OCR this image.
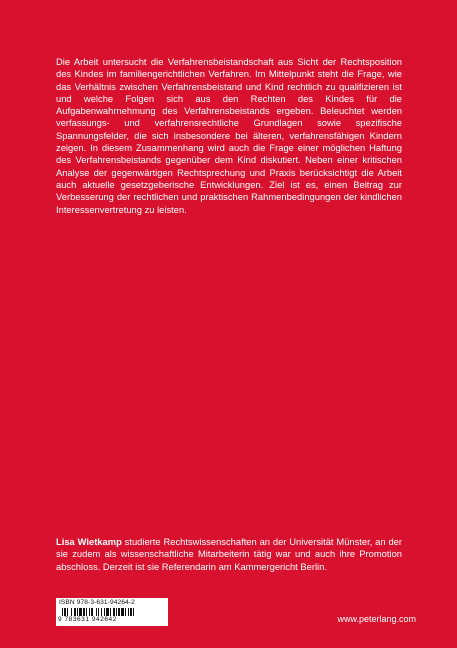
Die Arbeit untersucht die Verfahrensbeistandschaft aus Sicht der Rechtsposition des Kindes im familiengerichtlichen Verfahren. Im Mittelpunkt steht die Frage, wie das Verhältnis zwischen Verfahrensbeistand und Kind rechtlich zu qualifizieren ist und welche Folgen sich aus den Rechten des Kindes für die Aufgabenwahrnehmung des Verfahrensbeistands ergeben. Beleuchtet werden verfassungs- und verfahrensrechtliche Grundlagen sowie spezifische Spannungsfelder, die sich insbesondere bei älteren, verfahrensfähigen Kindern zeigen. In diesem Zusammenhang wird auch die Frage einer möglichen Haftung des Verfahrensbeistands gegenüber dem Kind diskutiert. Neben einer kritischen Analyse der gegenwärtigen Rechtsprechung und Praxis berücksichtigt die Arbeit auch aktuelle gesetzgeberische Entwicklungen. Ziel ist es, einen Beitrag zur Verbesserung der rechtlichen und praktischen Rahmenbedingungen der kindlichen Interessenvertretung zu leisten.

Lisa Wietkamp studierte Rechtswissenschaften an der Universität Münster, an der sie zudem als wissenschaftliche Mitarbeiterin tätig war und auch ihre Promotion abschloss. Derzeit ist sie Referendarin am Kammergericht Berlin.

ISBN 978-3-631-94264-2
9 783631 942642	www.peterlang.com
